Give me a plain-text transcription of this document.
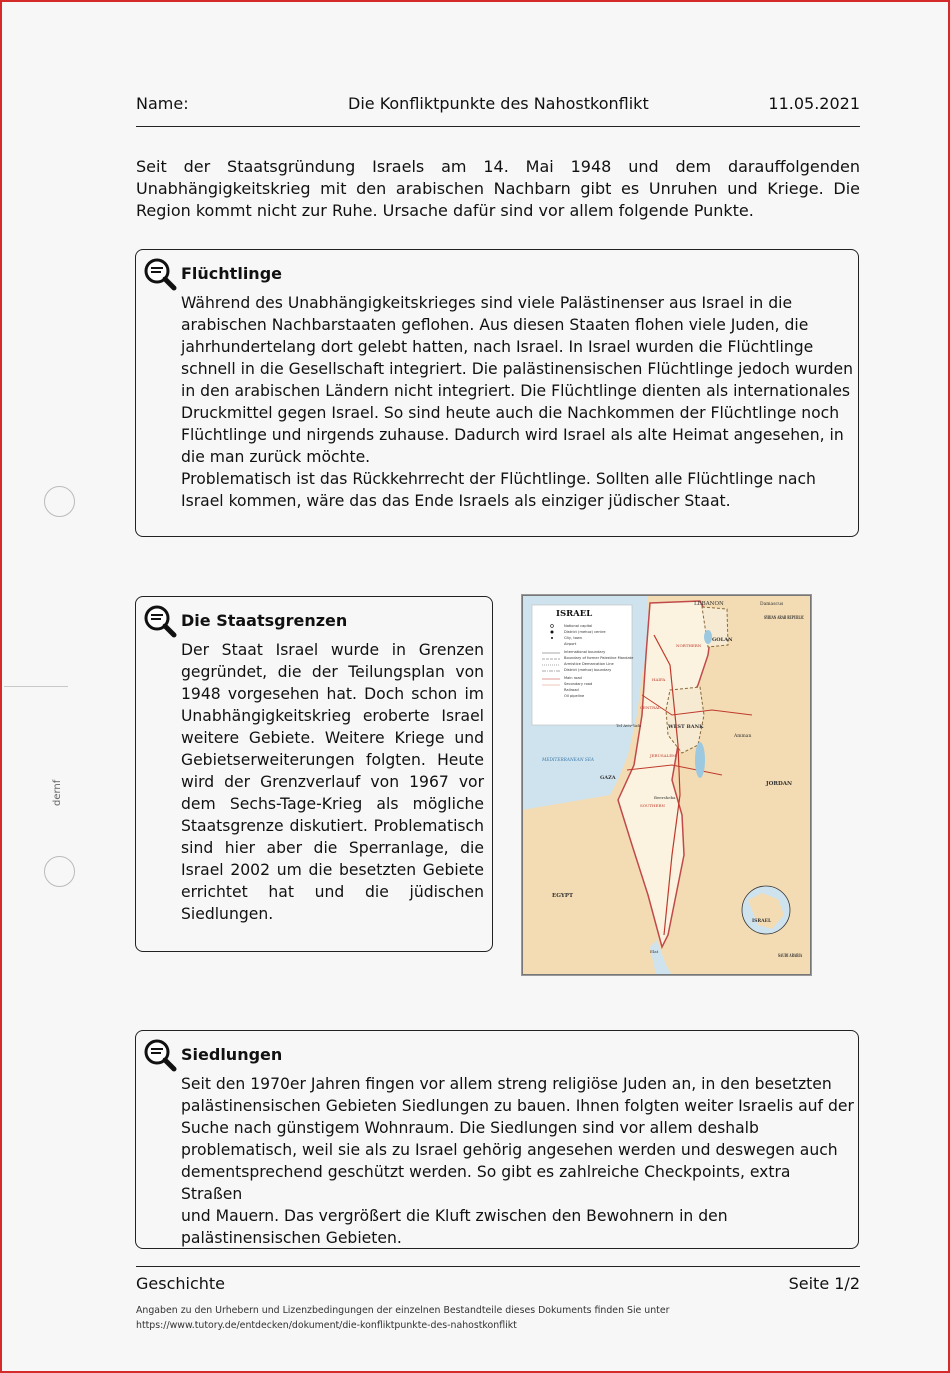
Name:	Die Konfliktpunkte des Nahostkonflikt	11.05.2021
Seit der Staatsgründung Israels am 14. Mai 1948 und dem darauffolgenden Unabhängigkeitskrieg mit den arabischen Nachbarn gibt es Unruhen und Kriege. Die Region kommt nicht zur Ruhe. Ursache dafür sind vor allem folgende Punkte.
Flüchtlinge
Während des Unabhängigkeitskrieges sind viele Palästinenser aus Israel in die
arabischen Nachbarstaaten geflohen. Aus diesen Staaten flohen viele Juden, die
jahrhundertelang dort gelebt hatten, nach Israel. In Israel wurden die Flüchtlinge
schnell in die Gesellschaft integriert. Die palästinensischen Flüchtlinge jedoch wurden
in den arabischen Ländern nicht integriert. Die Flüchtlinge dienten als internationales
Druckmittel gegen Israel. So sind heute auch die Nachkommen der Flüchtlinge noch
Flüchtlinge und nirgends zuhause. Dadurch wird Israel als alte Heimat angesehen, in
die man zurück möchte.
Problematisch ist das Rückkehrrecht der Flüchtlinge. Sollten alle Flüchtlinge nach
Israel kommen, wäre das das Ende Israels als einziger jüdischer Staat.
Die Staatsgrenzen
Der Staat Israel wurde in Grenzen gegründet, die der Teilungsplan von 1948 vorgesehen hat. Doch schon im Unabhängigkeitskrieg eroberte Israel weitere Gebiete. Weitere Kriege und Gebietserweiterungen folgten. Heute wird der Grenzverlauf von 1967 vor dem Sechs-Tage-Krieg als mögliche Staatsgrenze diskutiert. Problematisch sind hier aber die Sperranlage, die Israel 2002 um die besetzten Gebiete errichtet hat und die jüdischen Siedlungen.
ISRAEL
National capital
District (mehoz) centre
City, town
Airport
International boundary
Boundary of former Palestine Mandate
Armistice Demarcation Line
District (mehoz) boundary
Main road
Secondary road
Railroad
Oil pipeline
LEBANON	Damascus
SYRIAN ARAB REPUBLIC
GOLAN
MEDITERRANEAN SEA
WEST BANK
JORDAN
Amman
GAZA
EGYPT
SAUDI ARABIA
Tel Aviv-Yafo
JERUSALEM
HAIFA
Elat
Beersheba
SOUTHERN
CENTRAL
NORTHERN
ISRAEL
Siedlungen
Seit den 1970er Jahren fingen vor allem streng religiöse Juden an, in den besetzten
palästinensischen Gebieten Siedlungen zu bauen. Ihnen folgten weiter Israelis auf der
Suche nach günstigem Wohnraum. Die Siedlungen sind vor allem deshalb
problematisch, weil sie als zu Israel gehörig angesehen werden und deswegen auch
dementsprechend geschützt werden. So gibt es zahlreiche Checkpoints, extra Straßen
und Mauern. Das vergrößert die Kluft zwischen den Bewohnern in den
palästinensischen Gebieten.
dernf
Geschichte	Seite 1/2
Angaben zu den Urhebern und Lizenzbedingungen der einzelnen Bestandteile dieses Dokuments finden Sie unter
https://www.tutory.de/entdecken/dokument/die-konfliktpunkte-des-nahostkonflikt
